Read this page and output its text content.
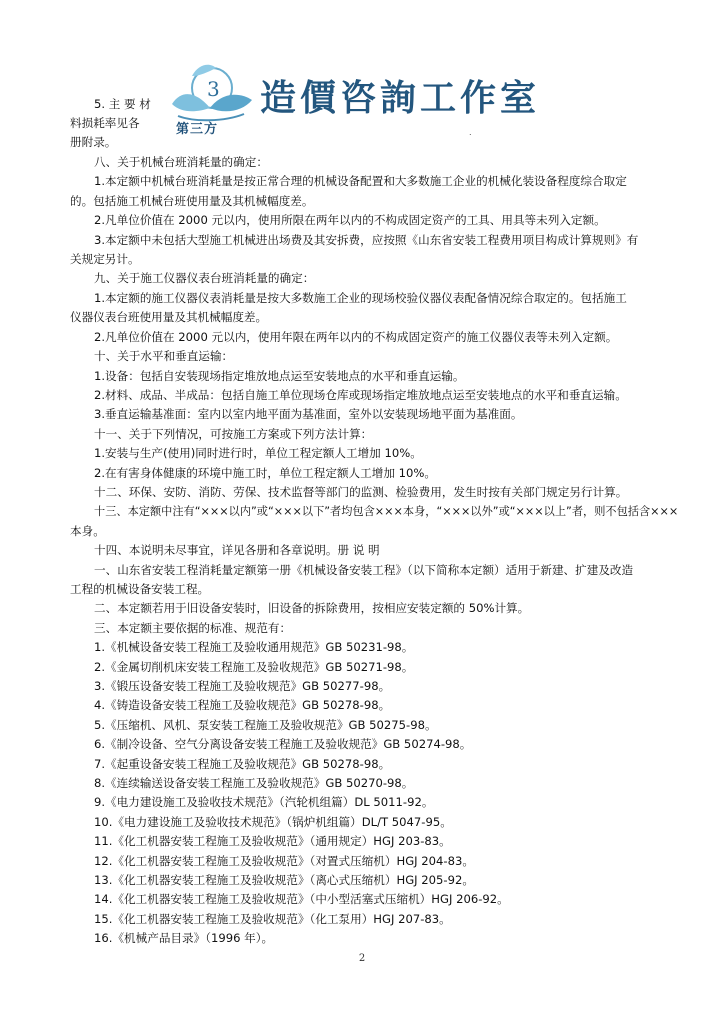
3
第三方
造價咨詢工作室
.
5. 主 要 材
料损耗率见各
册附录。
八、关于机械台班消耗量的确定：
1.本定额中机械台班消耗量是按正常合理的机械设备配置和大多数施工企业的机械化装设备程度综合取定
的。包括施工机械台班使用量及其机械幅度差。
2.凡单位价值在 2000 元以内，使用所限在两年以内的不构成固定资产的工具、用具等未列入定额。
3.本定额中未包括大型施工机械进出场费及其安拆费，应按照《山东省安装工程费用项目构成计算规则》有
关规定另计。
九、关于施工仪器仪表台班消耗量的确定：
1.本定额的施工仪器仪表消耗量是按大多数施工企业的现场校验仪器仪表配备情况综合取定的。包括施工
仪器仪表台班使用量及其机械幅度差。
2.凡单位价值在 2000 元以内，使用年限在两年以内的不构成固定资产的施工仪器仪表等未列入定额。
十、关于水平和垂直运输：
1.设备：包括自安装现场指定堆放地点运至安装地点的水平和垂直运输。
2.材料、成品、半成品：包括自施工单位现场仓库或现场指定堆放地点运至安装地点的水平和垂直运输。
3.垂直运输基准面：室内以室内地平面为基准面，室外以安装现场地平面为基准面。
十一、关于下列情况，可按施工方案或下列方法计算：
1.安装与生产(使用)同时进行时，单位工程定额人工增加 10%。
2.在有害身体健康的环境中施工时，单位工程定额人工增加 10%。
十二、环保、安防、消防、劳保、技术监督等部门的监测、检验费用，发生时按有关部门规定另行计算。
十三、本定额中注有“×××以内”或“×××以下”者均包含×××本身，“×××以外”或“×××以上”者，则不包括含×××
本身。
十四、本说明未尽事宜，详见各册和各章说明。册 说 明
一、山东省安装工程消耗量定额第一册《机械设备安装工程》（以下简称本定额）适用于新建、扩建及改造
工程的机械设备安装工程。
二、本定额若用于旧设备安装时，旧设备的拆除费用，按相应安装定额的 50%计算。
三、本定额主要依据的标准、规范有：
1.《机械设备安装工程施工及验收通用规范》GB 50231-98。
2.《金属切削机床安装工程施工及验收规范》GB 50271-98。
3.《锻压设备安装工程施工及验收规范》GB 50277-98。
4.《铸造设备安装工程施工及验收规范》GB 50278-98。
5.《压缩机、风机、泵安装工程施工及验收规范》GB 50275-98。
6.《制冷设备、空气分离设备安装工程施工及验收规范》GB 50274-98。
7.《起重设备安装工程施工及验收规范》GB 50278-98。
8.《连续输送设备安装工程施工及验收规范》GB 50270-98。
9.《电力建设施工及验收技术规范》（汽轮机组篇）DL 5011-92。
10.《电力建设施工及验收技术规范》（锅炉机组篇）DL/T 5047-95。
11.《化工机器安装工程施工及验收规范》（通用规定）HGJ 203-83。
12.《化工机器安装工程施工及验收规范》（对置式压缩机）HGJ 204-83。
13.《化工机器安装工程施工及验收规范》（离心式压缩机）HGJ 205-92。
14.《化工机器安装工程施工及验收规范》（中小型活塞式压缩机）HGJ 206-92。
15.《化工机器安装工程施工及验收规范》（化工泵用）HGJ 207-83。
16.《机械产品目录》（1996 年）。
2
